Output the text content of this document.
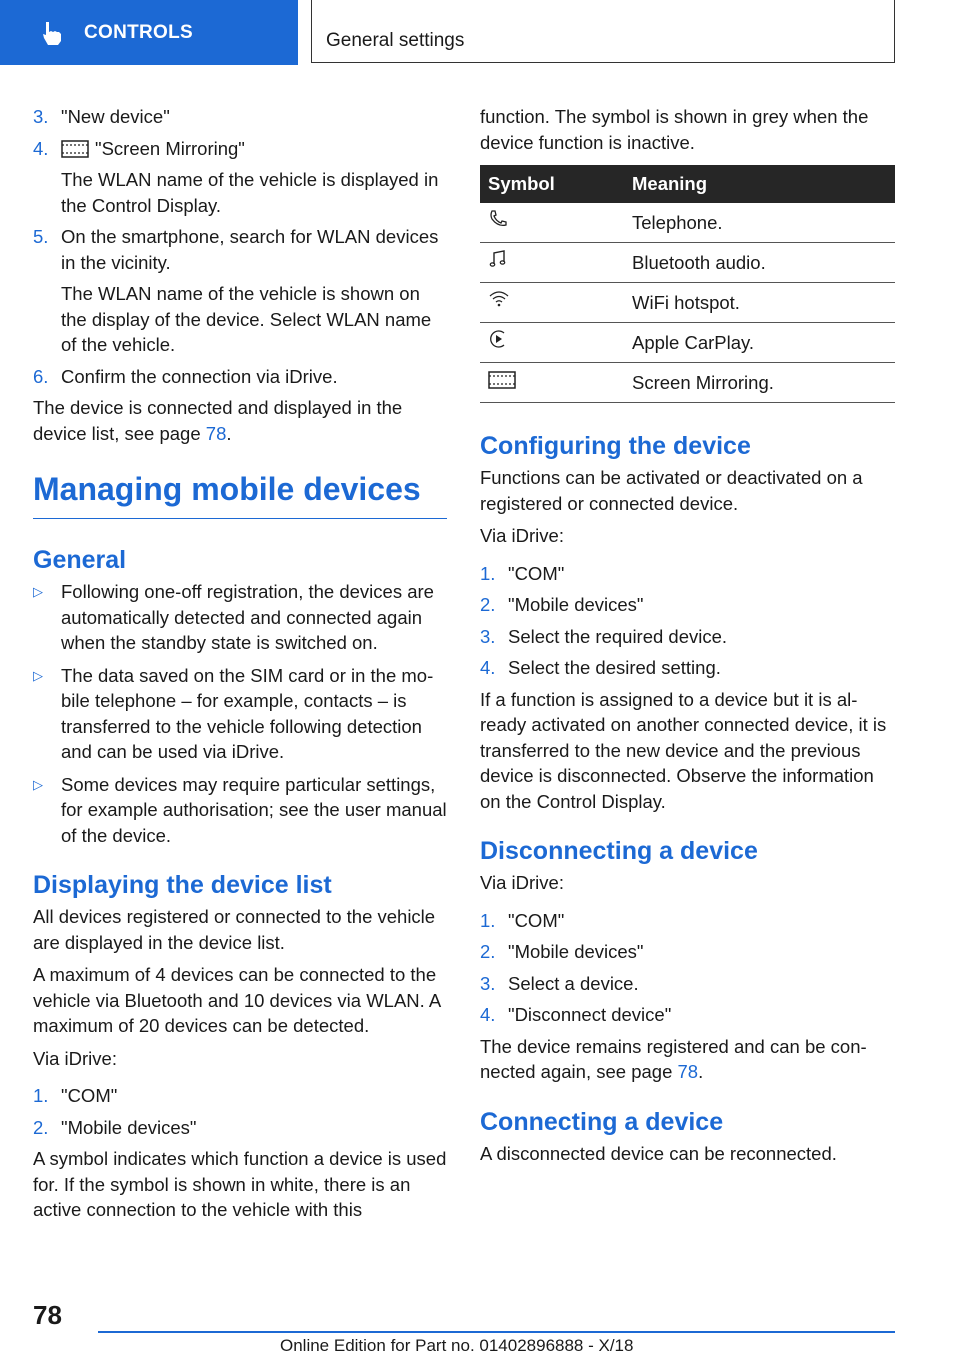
CONTROLS	General settings
3. "New device"
4.	"Screen Mirroring"

The WLAN name of the vehicle is displayed in the Control Display.

5. On the smartphone, search for WLAN devices in the vicinity.

The WLAN name of the vehicle is shown on the display of the device. Select WLAN name of the vehicle.

6. Confirm the connection via iDrive.

The device is connected and displayed in the device list, see page 78.

Managing mobile devices
General
▷ Following one-off registration, the devices are automatically detected and connected again when the standby state is switched on.
▷ The data saved on the SIM card or in the mobile telephone – for example, contacts – is transferred to the vehicle following detection and can be used via iDrive.
▷ Some devices may require particular settings, for example authorisation; see the user manual of the device.
Displaying the device list

All devices registered or connected to the vehicle are displayed in the device list.

A maximum of 4 devices can be connected to the vehicle via Bluetooth and 10 devices via WLAN. A maximum of 20 devices can be detected.

Via iDrive:

1. "COM"
2. "Mobile devices"

A symbol indicates which function a device is used for. If the symbol is shown in white, there is an active connection to the vehicle with this

function. The symbol is shown in grey when the device function is inactive.

Symbol	Meaning
	Telephone.
	Bluetooth audio.
	WiFi hotspot.
	Apple CarPlay.
	Screen Mirroring.
Configuring the device

Functions can be activated or deactivated on a registered or connected device.

Via iDrive:

1. "COM"
2. "Mobile devices"
3. Select the required device.
4. Select the desired setting.

If a function is assigned to a device but it is already activated on another connected device, it is transferred to the new device and the previous device is disconnected. Observe the information on the Control Display.

Disconnecting a device

Via iDrive:

1. "COM"
2. "Mobile devices"
3. Select a device.
4. "Disconnect device"

The device remains registered and can be connected again, see page 78.

Connecting a device

A disconnected device can be reconnected.

78
Online Edition for Part no. 01402896888 - X/18
